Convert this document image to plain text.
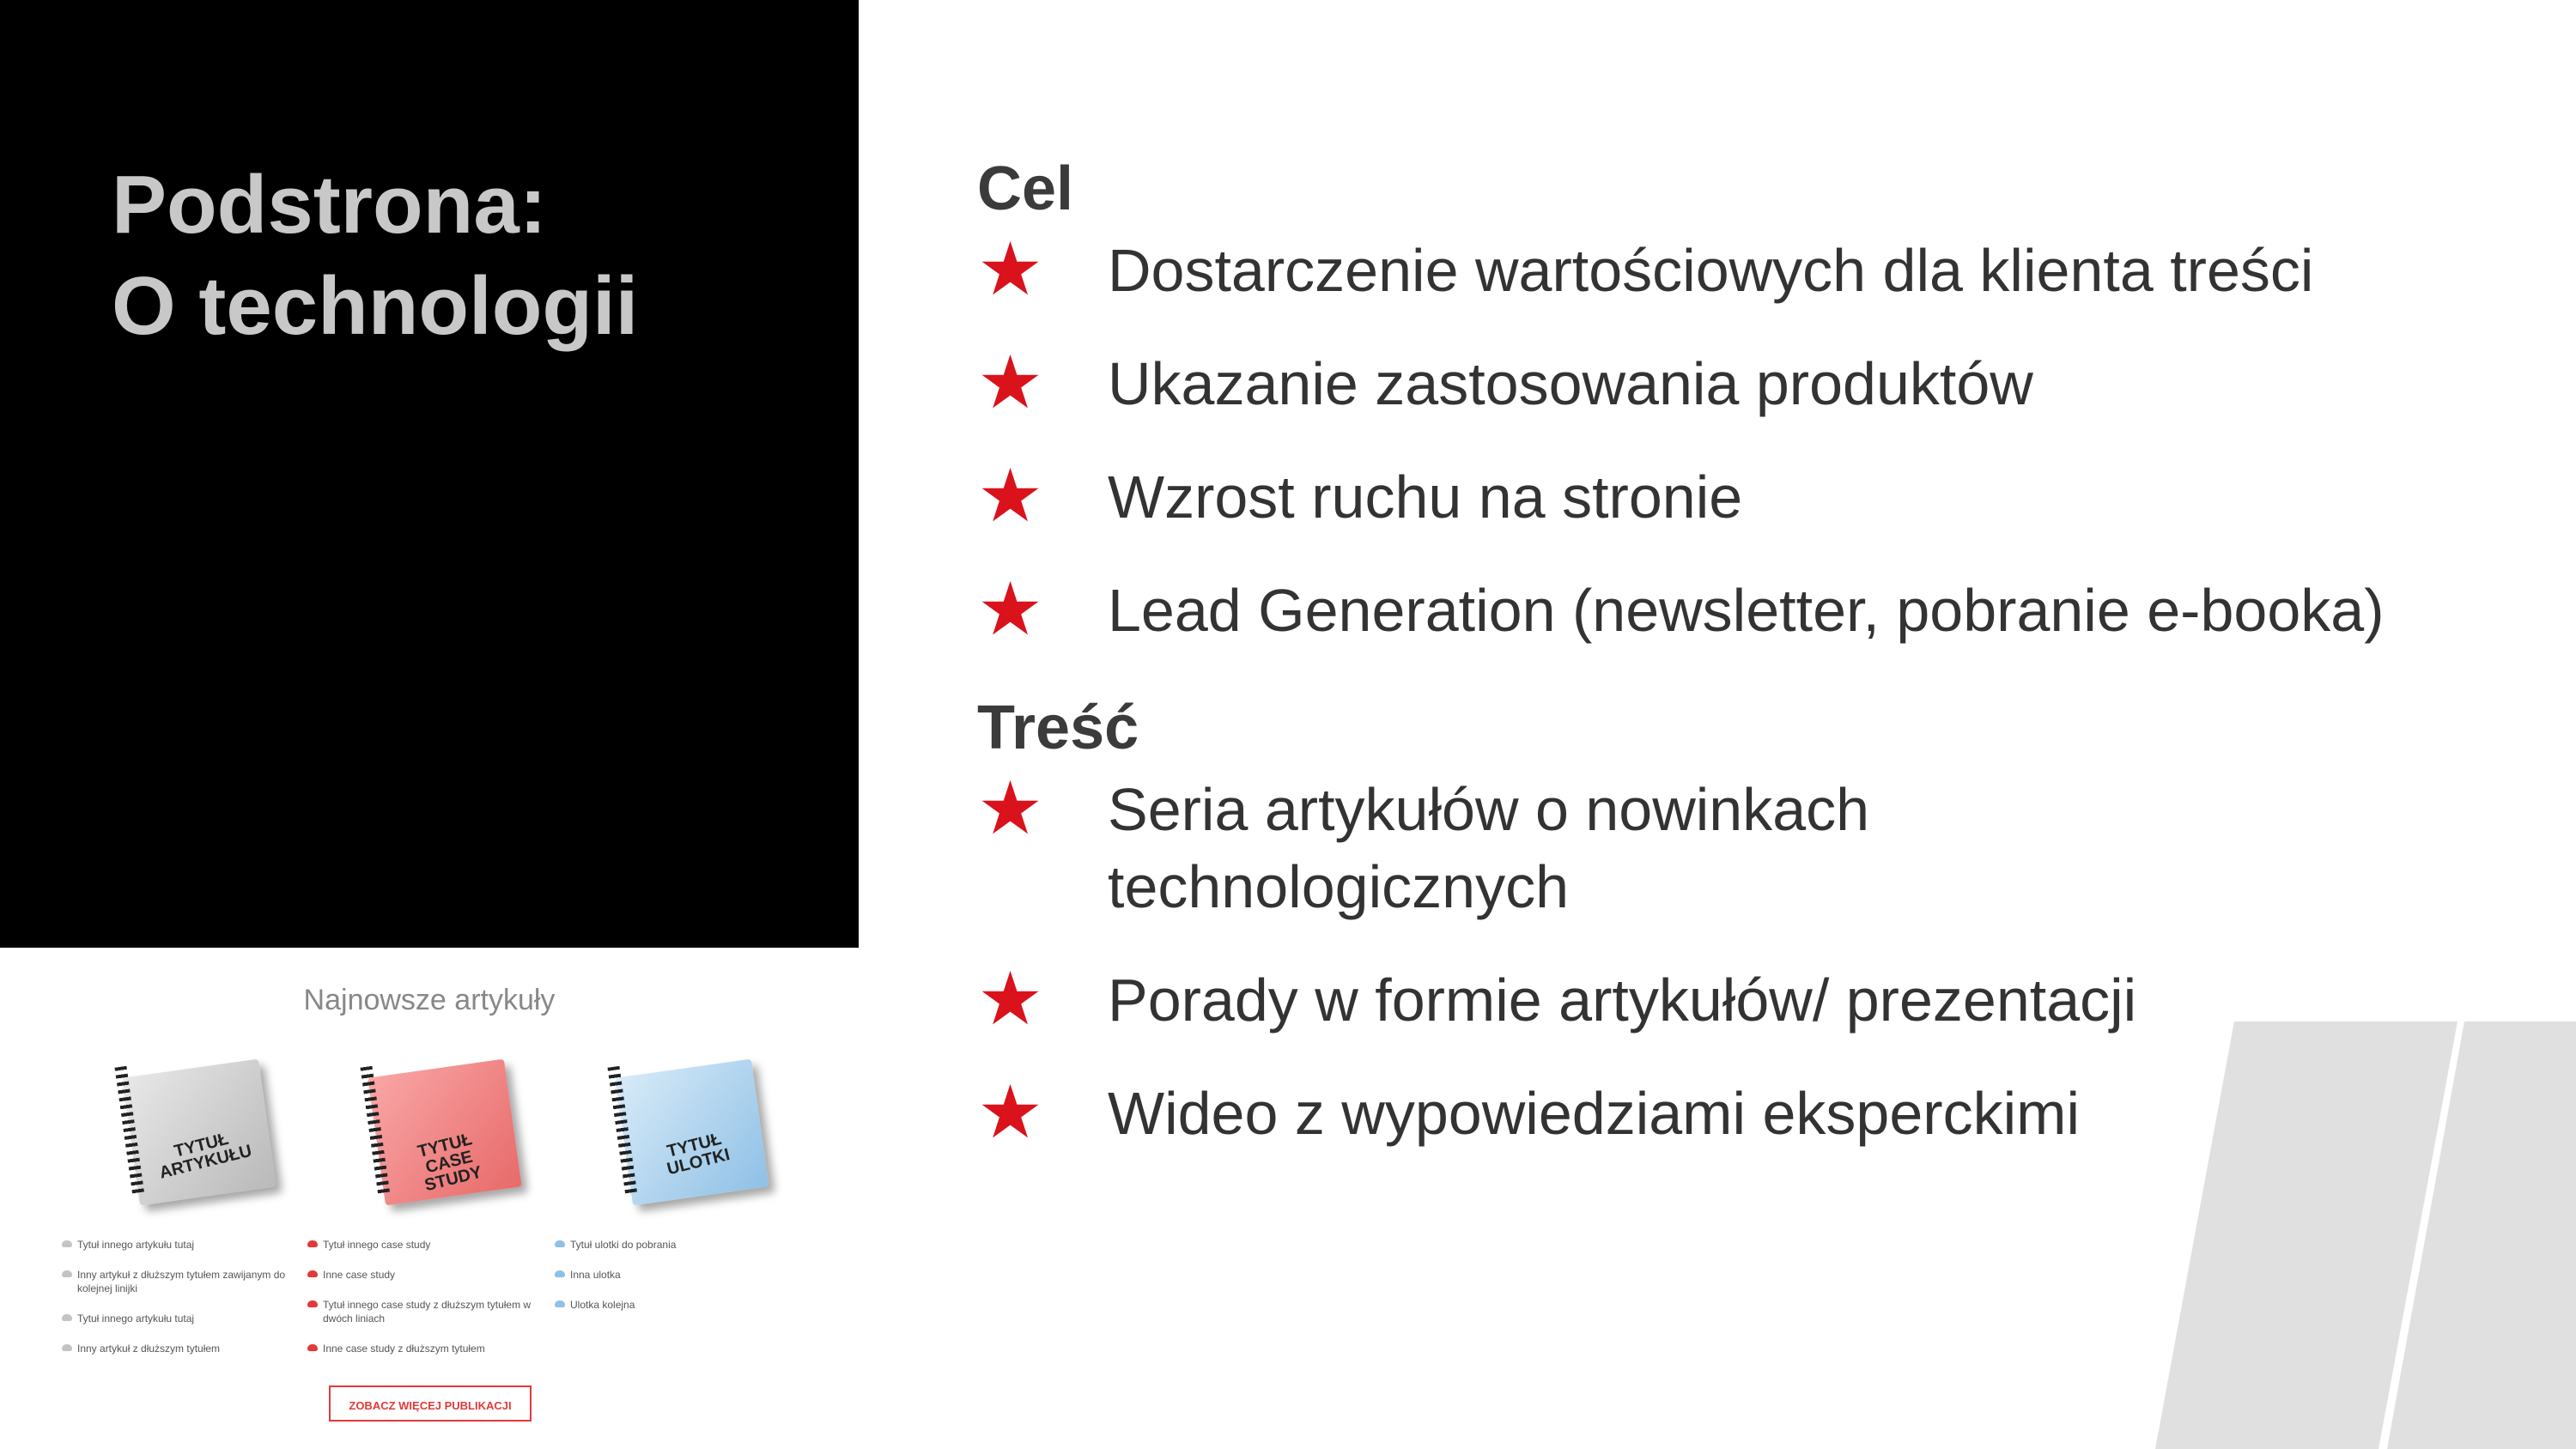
Podstrona:
O technologii
Cel
★ Dostarczenie wartościowych dla klienta treści
★ Ukazanie zastosowania produktów
★ Wzrost ruchu na stronie
★ Lead Generation (newsletter, pobranie e-booka)
Treść
★ Seria artykułów o nowinkach technologicznych
★ Porady w formie artykułów/ prezentacji
★ Wideo z wypowiedziami eksperckimi
Najnowsze artykuły
TYTUŁ ARTYKUŁU
Tytuł innego artykułu tutaj
Inny artykuł z dłuższym tytułem zawijanym do kolejnej linijki
Tytuł innego artykułu tutaj
Inny artykuł z dłuższym tytułem
TYTUŁ CASE STUDY
Tytuł innego case study
Inne case study
Tytuł innego case study z dłuższym tytułem w dwóch liniach
Inne case study z dłuższym tytułem
TYTUŁ ULOTKI
Tytuł ulotki do pobrania
Inna ulotka
Ulotka kolejna
ZOBACZ WIĘCEJ PUBLIKACJI
